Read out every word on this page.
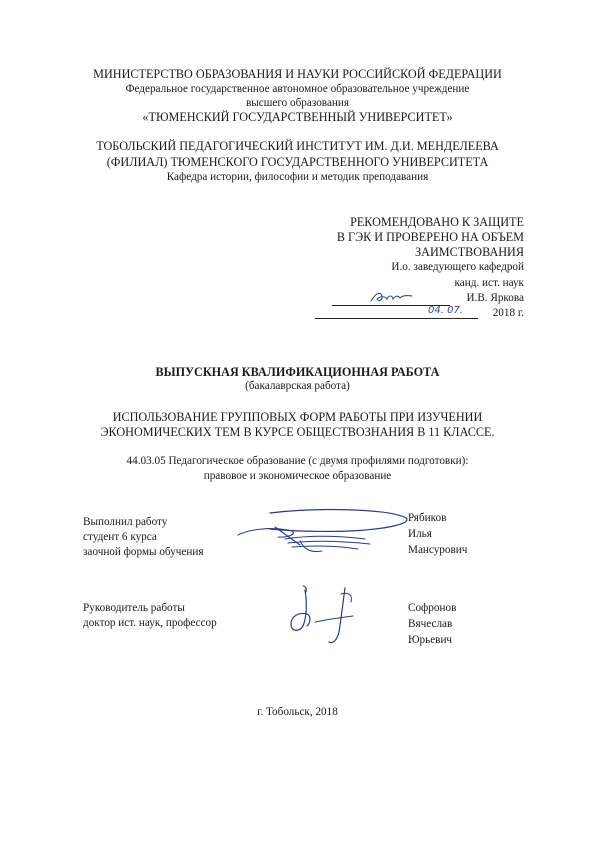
МИНИСТЕРСТВО ОБРАЗОВАНИЯ И НАУКИ РОССИЙСКОЙ ФЕДЕРАЦИИ
Федеральное государственное автономное образовательное учреждение
высшего образования
«ТЮМЕНСКИЙ ГОСУДАРСТВЕННЫЙ УНИВЕРСИТЕТ»
ТОБОЛЬСКИЙ ПЕДАГОГИЧЕСКИЙ ИНСТИТУТ ИМ. Д.И. МЕНДЕЛЕЕВА
(ФИЛИАЛ) ТЮМЕНСКОГО ГОСУДАРСТВЕННОГО УНИВЕРСИТЕТА
Кафедра истории, философии и методик преподавания
РЕКОМЕНДОВАНО К ЗАЩИТЕ
В ГЭК И ПРОВЕРЕНО НА ОБЪЕМ
ЗАИМСТВОВАНИЯ
И.о. заведующего кафедрой
канд. ист. наук
И.В. Яркова
04. 07.	2018 г.
ВЫПУСКНАЯ КВАЛИФИКАЦИОННАЯ РАБОТА
(бакалаврская работа)
ИСПОЛЬЗОВАНИЕ ГРУППОВЫХ ФОРМ РАБОТЫ ПРИ ИЗУЧЕНИИ
ЭКОНОМИЧЕСКИХ ТЕМ В КУРСЕ ОБЩЕСТВОЗНАНИЯ В 11 КЛАССЕ.
44.03.05 Педагогическое образование (с двумя профилями подготовки):
правовое и экономическое образование
Выполнил работу
студент 6 курса
заочной формы обучения
Рябиков
Илья
Мансурович
Руководитель работы
доктор ист. наук, профессор
Софронов
Вячеслав
Юрьевич
г. Тобольск, 2018
